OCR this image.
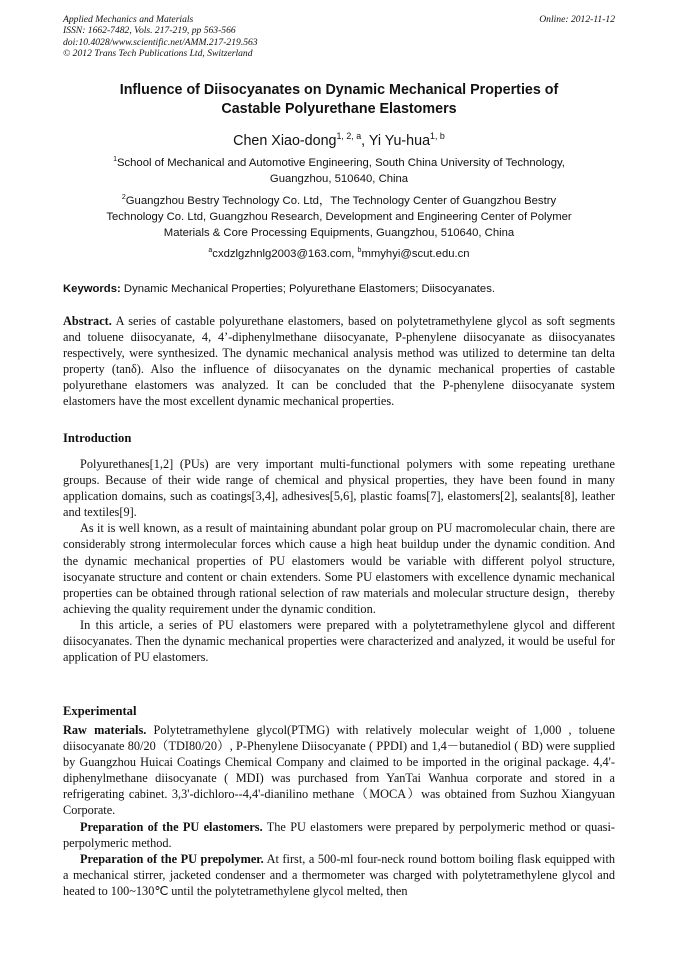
Applied Mechanics and Materials
ISSN: 1662-7482, Vols. 217-219, pp 563-566
doi:10.4028/www.scientific.net/AMM.217-219.563
© 2012 Trans Tech Publications Ltd, Switzerland
Online: 2012-11-12
Influence of Diisocyanates on Dynamic Mechanical Properties of
Castable Polyurethane Elastomers
Chen Xiao-dong$^{1, 2, a}$, Yi Yu-hua$^{1, b}$
$^1$School of Mechanical and Automotive Engineering, South China University of Technology,
Guangzhou, 510640, China
$^2$Guangzhou Bestry Technology Co. Ltd，The Technology Center of Guangzhou Bestry
Technology Co. Ltd, Guangzhou Research, Development and Engineering Center of Polymer
Materials & Core Processing Equipments, Guangzhou, 510640, China
$^a$cxdzlgzhnlg2003@163.com, $^b$mmyhyi@scut.edu.cn
Keywords: Dynamic Mechanical Properties; Polyurethane Elastomers; Diisocyanates.

Abstract. A series of castable polyurethane elastomers, based on polytetramethylene glycol as soft segments and toluene diisocyanate, 4, 4’-diphenylmethane diisocyanate, P-phenylene diisocyanate as diisocyanates respectively, were synthesized. The dynamic mechanical analysis method was utilized to determine tan delta property (tanδ). Also the influence of diisocyanates on the dynamic mechanical properties of castable polyurethane elastomers was analyzed. It can be concluded that the P-phenylene diisocyanate system elastomers have the most excellent dynamic mechanical properties.

Introduction

Polyurethanes[1,2] (PUs) are very important multi-functional polymers with some repeating urethane groups. Because of their wide range of chemical and physical properties, they have been found in many application domains, such as coatings[3,4], adhesives[5,6], plastic foams[7], elastomers[2], sealants[8], leather and textiles[9].

As it is well known, as a result of maintaining abundant polar group on PU macromolecular chain, there are considerably strong intermolecular forces which cause a high heat buildup under the dynamic condition. And the dynamic mechanical properties of PU elastomers would be variable with different polyol structure, isocyanate structure and content or chain extenders. Some PU elastomers with excellence dynamic mechanical properties can be obtained through rational selection of raw materials and molecular structure design，thereby achieving the quality requirement under the dynamic condition.

In this article, a series of PU elastomers were prepared with a polytetramethylene glycol and different diisocyanates. Then the dynamic mechanical properties were characterized and analyzed, it would be useful for application of PU elastomers.

Experimental

Raw materials. Polytetramethylene glycol(PTMG) with relatively molecular weight of 1,000 , toluene diisocyanate 80/20（TDI80/20）, P-Phenylene Diisocyanate ( PPDI) and 1,4－butanediol ( BD) were supplied by Guangzhou Huicai Coatings Chemical Company and claimed to be imported in the original package. 4,4'-diphenylmethane diisocyanate ( MDI) was purchased from YanTai Wanhua corporate and stored in a refrigerating cabinet. 3,3'-dichloro--4,4'-dianilino methane（MOCA）was obtained from Suzhou Xiangyuan Corporate.

Preparation of the PU elastomers. The PU elastomers were prepared by perpolymeric method or quasi-perpolymeric method.

Preparation of the PU prepolymer. At first, a 500-ml four-neck round bottom boiling flask equipped with a mechanical stirrer, jacketed condenser and a thermometer was charged with polytetramethylene glycol and heated to 100~130℃ until the polytetramethylene glycol melted, then
